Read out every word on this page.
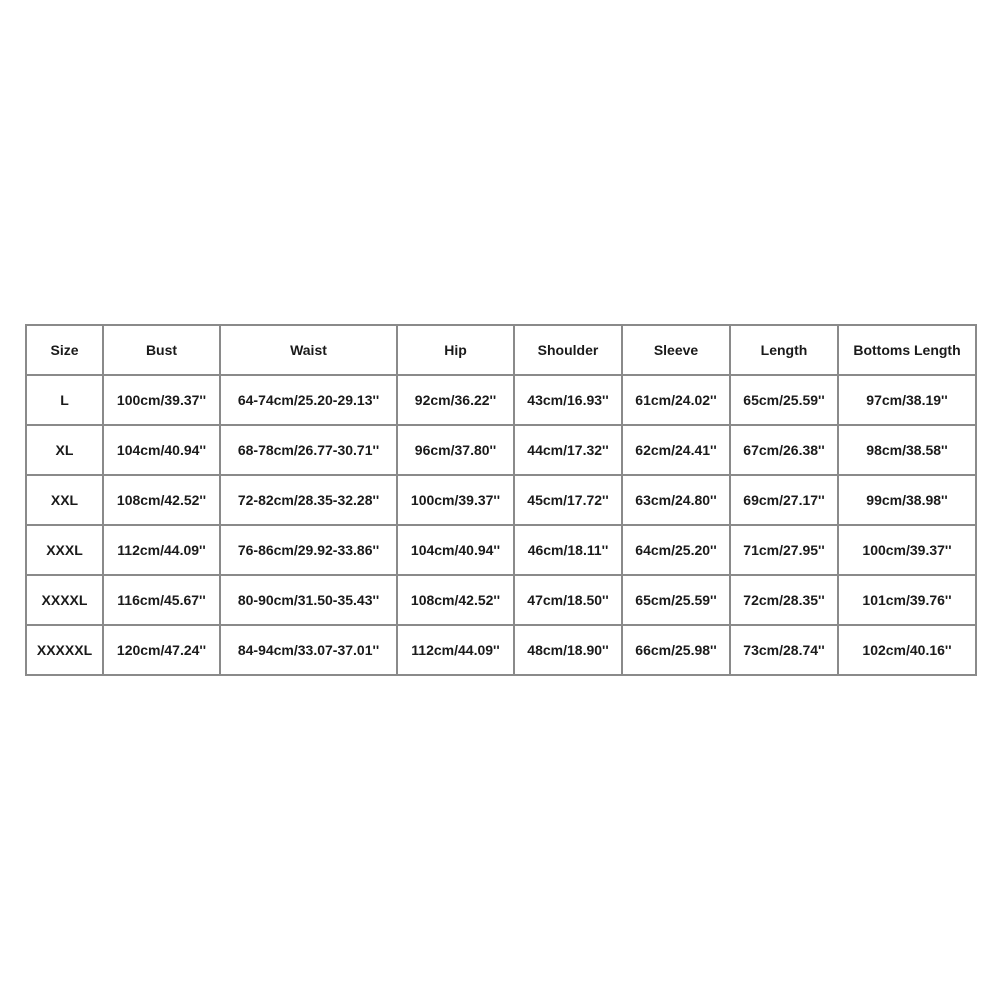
Size	Bust	Waist	Hip	Shoulder	Sleeve	Length	Bottoms Length
L	100cm/39.37''	64-74cm/25.20-29.13''	92cm/36.22''	43cm/16.93''	61cm/24.02''	65cm/25.59''	97cm/38.19''
XL	104cm/40.94''	68-78cm/26.77-30.71''	96cm/37.80''	44cm/17.32''	62cm/24.41''	67cm/26.38''	98cm/38.58''
XXL	108cm/42.52''	72-82cm/28.35-32.28''	100cm/39.37''	45cm/17.72''	63cm/24.80''	69cm/27.17''	99cm/38.98''
XXXL	112cm/44.09''	76-86cm/29.92-33.86''	104cm/40.94''	46cm/18.11''	64cm/25.20''	71cm/27.95''	100cm/39.37''
XXXXL	116cm/45.67''	80-90cm/31.50-35.43''	108cm/42.52''	47cm/18.50''	65cm/25.59''	72cm/28.35''	101cm/39.76''
XXXXXL	120cm/47.24''	84-94cm/33.07-37.01''	112cm/44.09''	48cm/18.90''	66cm/25.98''	73cm/28.74''	102cm/40.16''
